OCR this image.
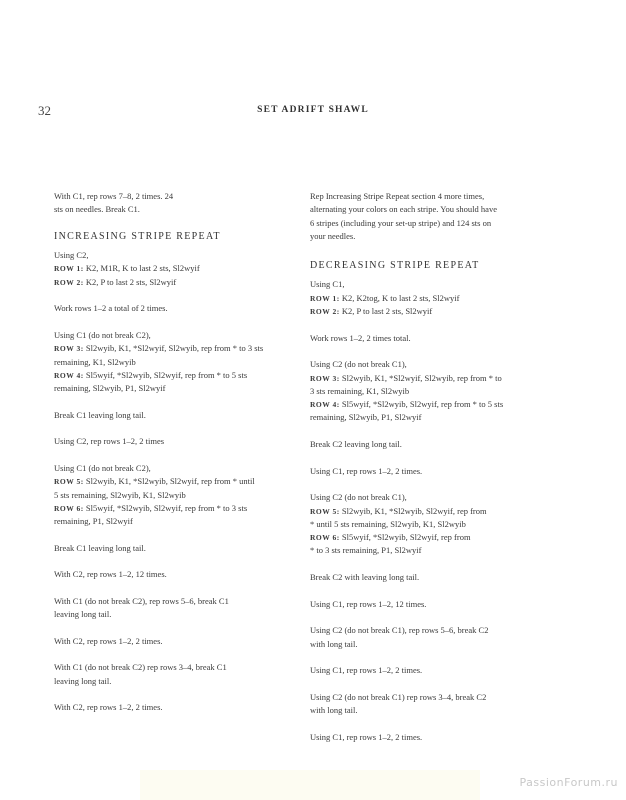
32	SET ADRIFT SHAWL

With C1, rep rows 7–8, 2 times. 24
sts on needles. Break C1.

INCREASING STRIPE REPEAT

Using C2,
ROW 1: K2, M1R, K to last 2 sts, Sl2wyif
ROW 2: K2, P to last 2 sts, Sl2wyif

Work rows 1–2 a total of 2 times.

Using C1 (do not break C2),
ROW 3: Sl2wyib, K1, *Sl2wyif, Sl2wyib, rep from * to 3 sts
remaining, K1, Sl2wyib
ROW 4: Sl5wyif, *Sl2wyib, Sl2wyif, rep from * to 5 sts
remaining, Sl2wyib, P1, Sl2wyif

Break C1 leaving long tail.

Using C2, rep rows 1–2, 2 times

Using C1 (do not break C2),
ROW 5: Sl2wyib, K1, *Sl2wyib, Sl2wyif, rep from * until
5 sts remaining, Sl2wyib, K1, Sl2wyib
ROW 6: Sl5wyif, *Sl2wyib, Sl2wyif, rep from * to 3 sts
remaining, P1, Sl2wyif

Break C1 leaving long tail.

With C2, rep rows 1–2, 12 times.

With C1 (do not break C2), rep rows 5–6, break C1
leaving long tail.

With C2, rep rows 1–2, 2 times.

With C1 (do not break C2) rep rows 3–4, break C1
leaving long tail.

With C2, rep rows 1–2, 2 times.

Rep Increasing Stripe Repeat section 4 more times,
alternating your colors on each stripe. You should have
6 stripes (including your set-up stripe) and 124 sts on
your needles.

DECREASING STRIPE REPEAT

Using C1,
ROW 1: K2, K2tog, K to last 2 sts, Sl2wyif
ROW 2: K2, P to last 2 sts, Sl2wyif

Work rows 1–2, 2 times total.

Using C2 (do not break C1),
ROW 3: Sl2wyib, K1, *Sl2wyif, Sl2wyib, rep from * to
3 sts remaining, K1, Sl2wyib
ROW 4: Sl5wyif, *Sl2wyib, Sl2wyif, rep from * to 5 sts
remaining, Sl2wyib, P1, Sl2wyif

Break C2 leaving long tail.

Using C1, rep rows 1–2, 2 times.

Using C2 (do not break C1),
ROW 5: Sl2wyib, K1, *Sl2wyib, Sl2wyif, rep from
* until 5 sts remaining, Sl2wyib, K1, Sl2wyib
ROW 6: Sl5wyif, *Sl2wyib, Sl2wyif, rep from
* to 3 sts remaining, P1, Sl2wyif

Break C2 with leaving long tail.

Using C1, rep rows 1–2, 12 times.

Using C2 (do not break C1), rep rows 5–6, break C2
with long tail.

Using C1, rep rows 1–2, 2 times.

Using C2 (do not break C1) rep rows 3–4, break C2
with long tail.

Using C1, rep rows 1–2, 2 times.

PassionForum.ru
